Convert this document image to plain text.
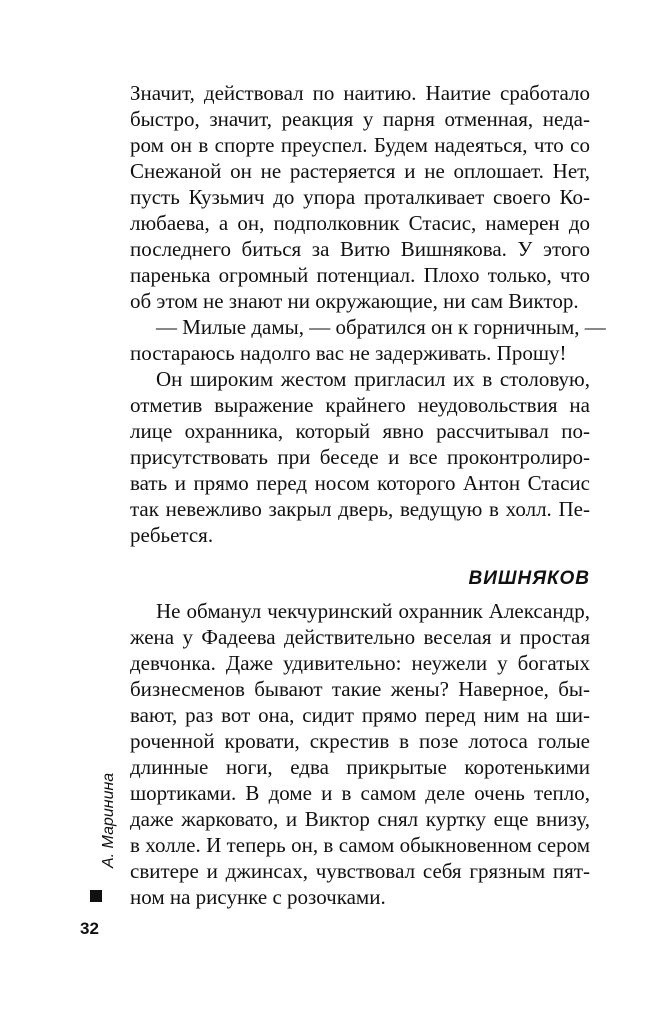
Значит, действовал по наитию. Наитие сработало
быстро, значит, реакция у парня отменная, неда-
ром он в спорте преуспел. Будем надеяться, что со
Снежаной он не растеряется и не оплошает. Нет,
пусть Кузьмич до упора проталкивает своего Ко-
любаева, а он, подполковник Стаcис, намерен до
последнего биться за Витю Вишнякова. У этого
паренька огромный потенциал. Плохо только, что
об этом не знают ни окружающие, ни сам Виктор.
— Милые дамы, — обратился он к горничным, —
постараюсь надолго вас не задерживать. Прошу!
Он широким жестом пригласил их в столовую,
отметив выражение крайнего неудовольствия на
лице охранника, который явно рассчитывал по-
присутствовать при беседе и все проконтролиро-
вать и прямо перед носом которого Антон Стаcис
так невежливо закрыл дверь, ведущую в холл. Пе-
ребьется.
Не обманул чекчуринский охранник Александр,
жена у Фадеева действительно веселая и простая
девчонка. Даже удивительно: неужели у богатых
бизнесменов бывают такие жены? Наверное, бы-
вают, раз вот она, сидит прямо перед ним на ши-
роченной кровати, скрестив в позе лотоса голые
длинные ноги, едва прикрытые коротенькими
шортиками. В доме и в самом деле очень тепло,
даже жарковато, и Виктор снял куртку еще внизу,
в холле. И теперь он, в самом обыкновенном сером
свитере и джинсах, чувствовал себя грязным пят-
ном на рисунке с розочками.
ВИШНЯКОВ
А. Маринина
32
